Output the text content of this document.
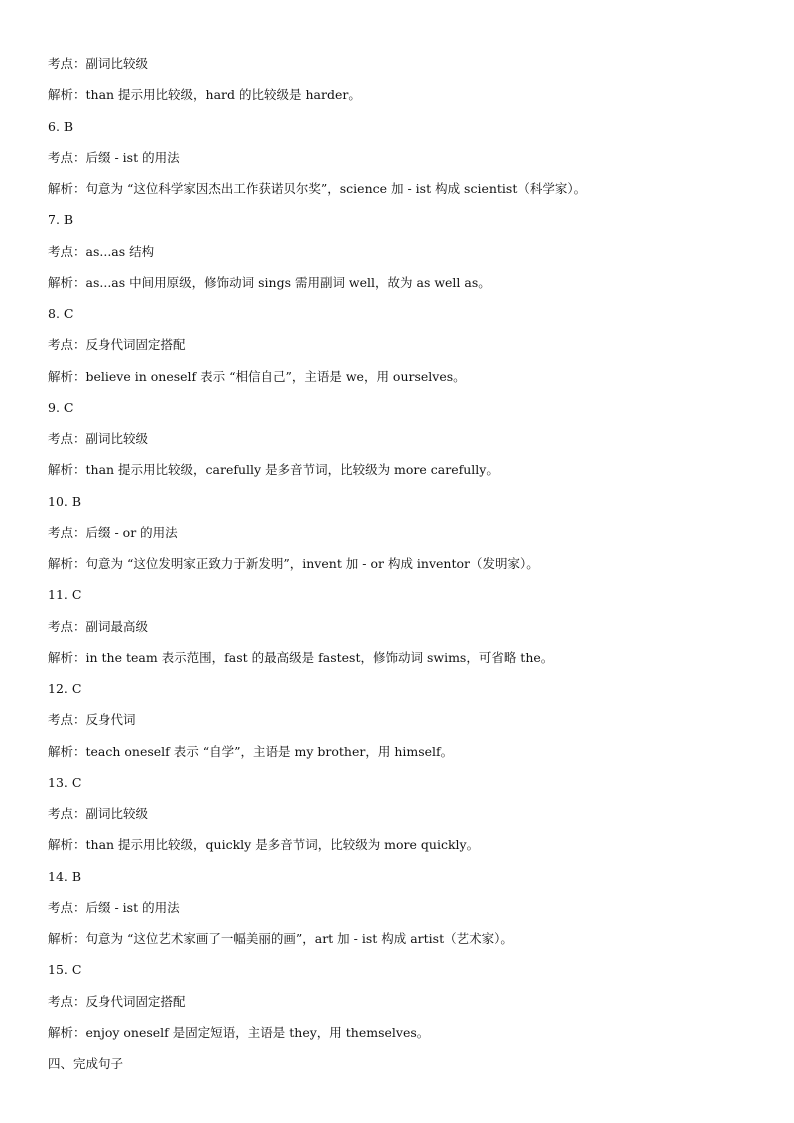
考点：副词比较级
解析：than 提示用比较级，hard 的比较级是 harder。
6. B
考点：后缀 - ist 的用法
解析：句意为 “这位科学家因杰出工作获诺贝尔奖”，science 加 - ist 构成 scientist（科学家）。
7. B
考点：as...as 结构
解析：as...as 中间用原级，修饰动词 sings 需用副词 well，故为 as well as。
8. C
考点：反身代词固定搭配
解析：believe in oneself 表示 “相信自己”，主语是 we，用 ourselves。
9. C
考点：副词比较级
解析：than 提示用比较级，carefully 是多音节词，比较级为 more carefully。
10. B
考点：后缀 - or 的用法
解析：句意为 “这位发明家正致力于新发明”，invent 加 - or 构成 inventor（发明家）。
11. C
考点：副词最高级
解析：in the team 表示范围，fast 的最高级是 fastest，修饰动词 swims，可省略 the。
12. C
考点：反身代词
解析：teach oneself 表示 “自学”，主语是 my brother，用 himself。
13. C
考点：副词比较级
解析：than 提示用比较级，quickly 是多音节词，比较级为 more quickly。
14. B
考点：后缀 - ist 的用法
解析：句意为 “这位艺术家画了一幅美丽的画”，art 加 - ist 构成 artist（艺术家）。
15. C
考点：反身代词固定搭配
解析：enjoy oneself 是固定短语，主语是 they，用 themselves。
四、完成句子
